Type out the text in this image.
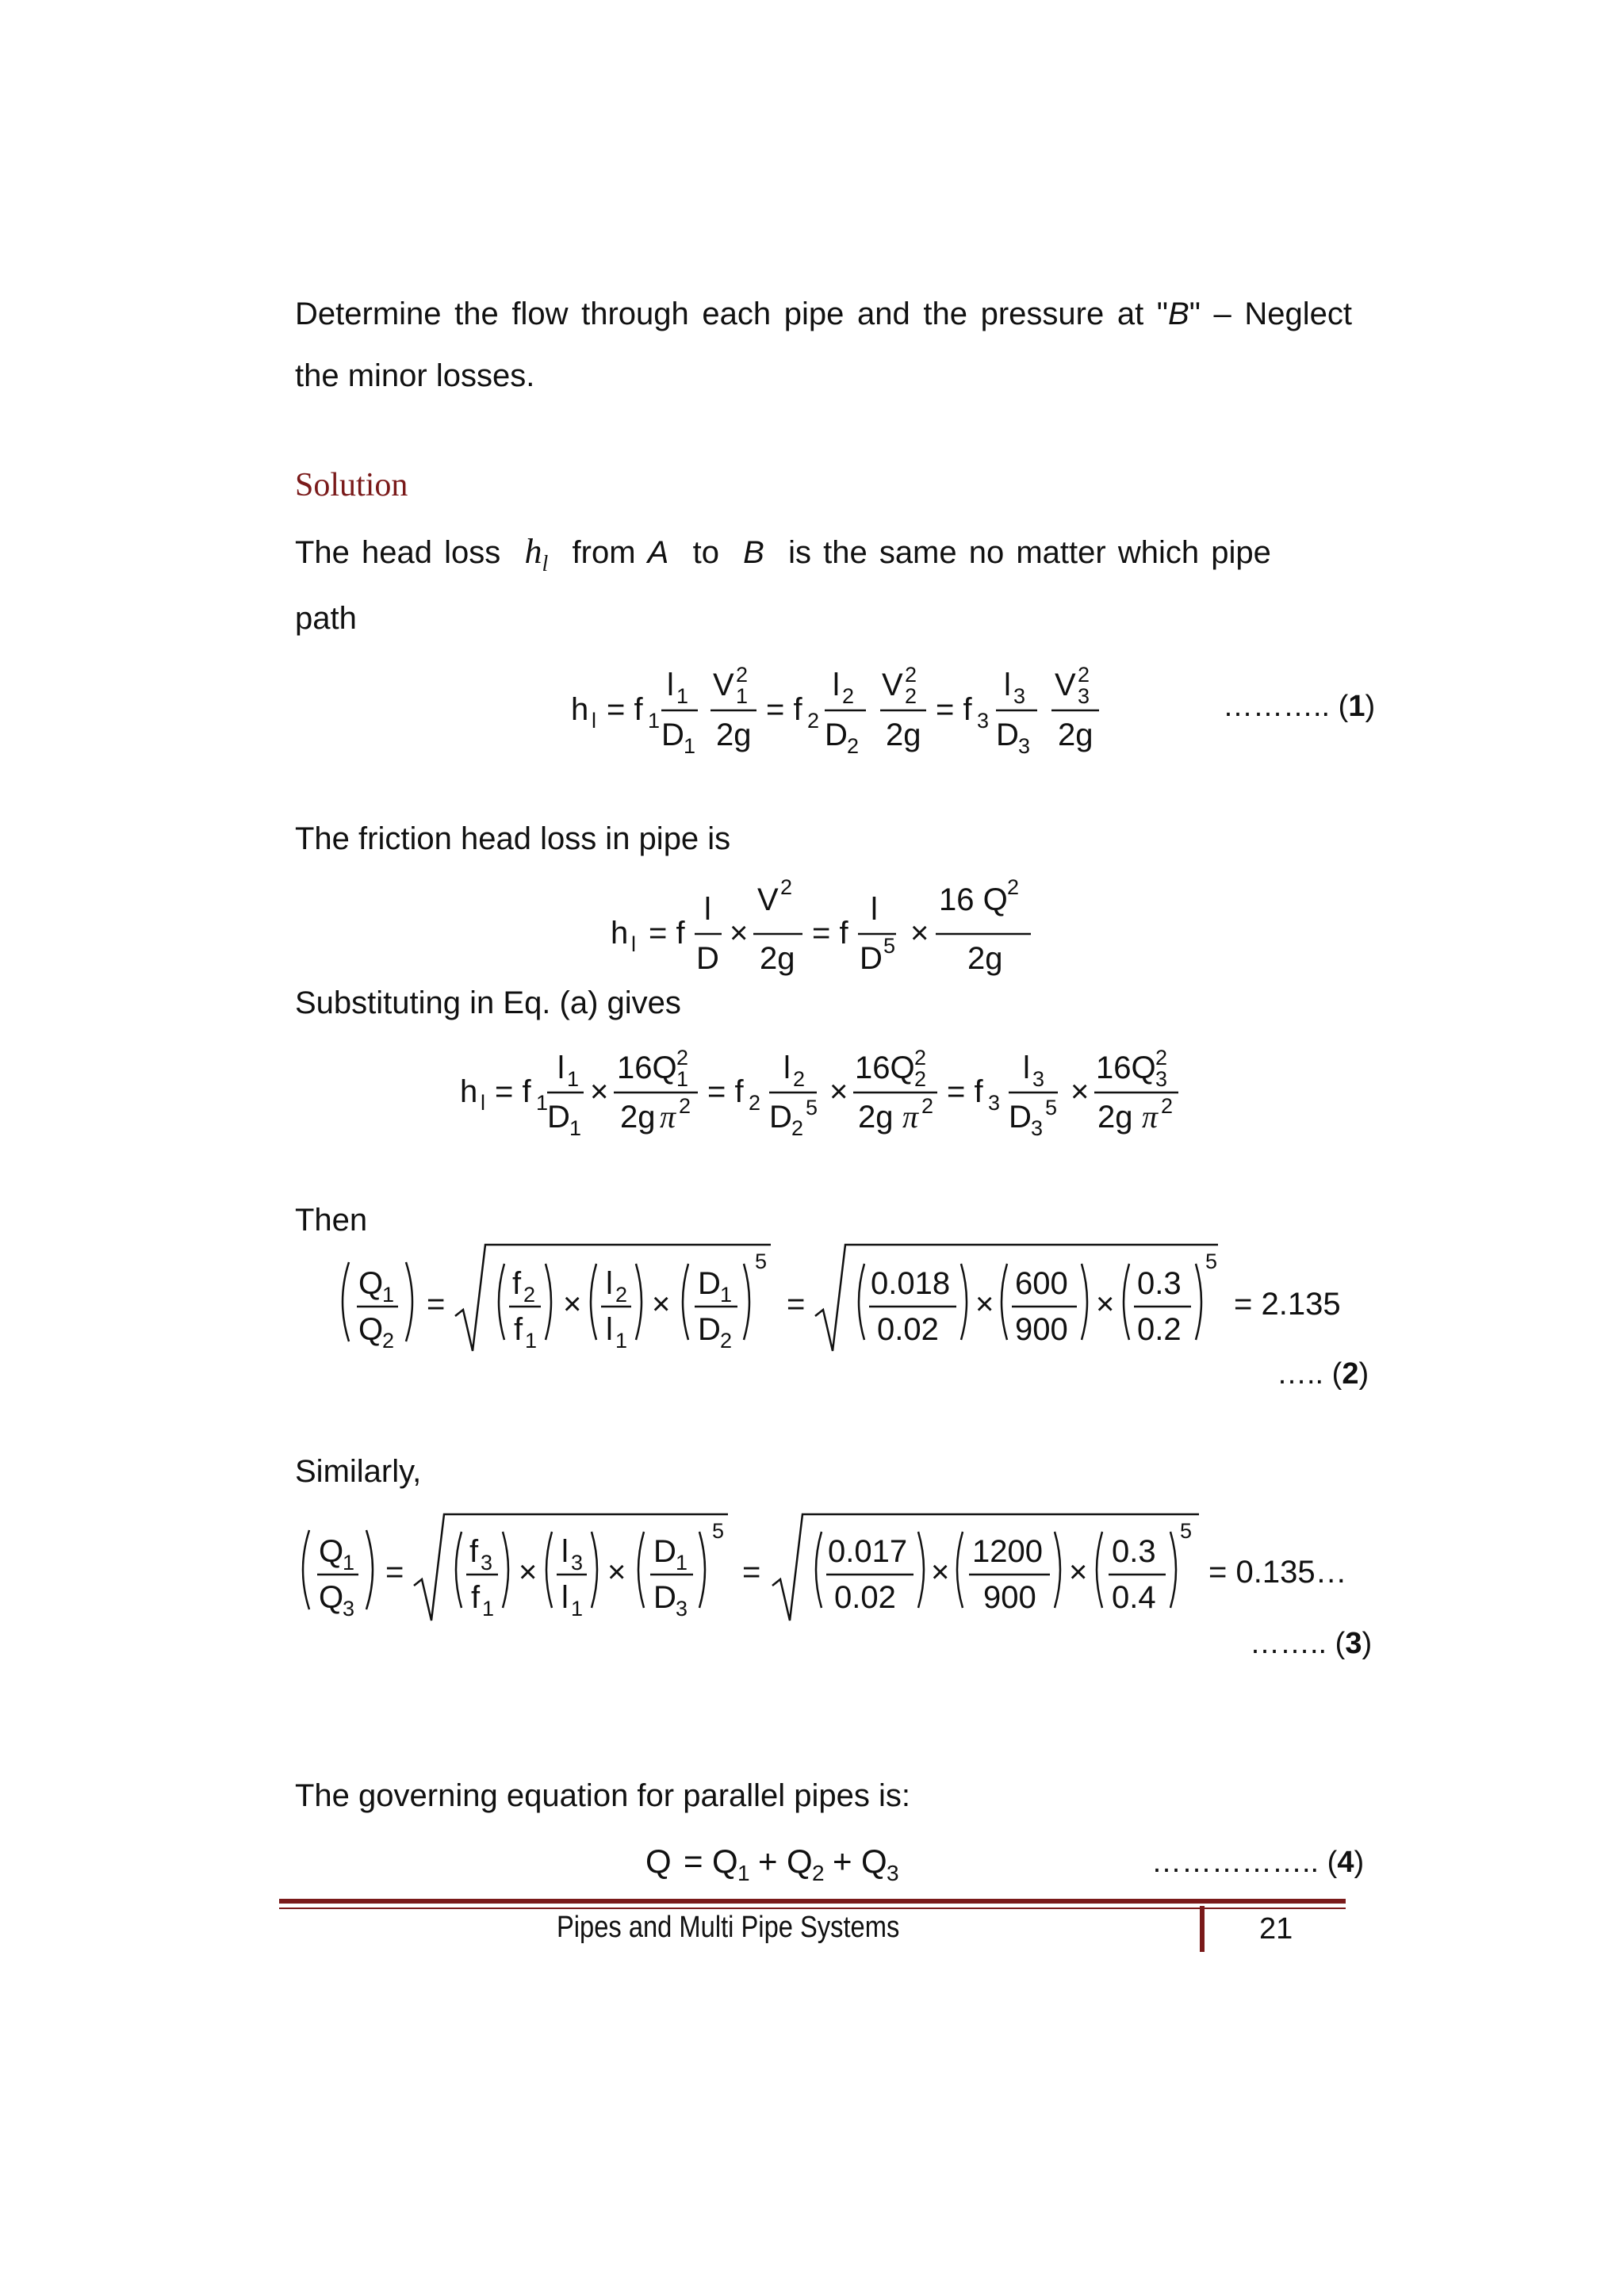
Determine the flow through each pipe and the pressure at "B" – Neglect
the minor losses.
Solution
The head loss $h_l$ from A to B is the same no matter which pipe
path
h l = f 1
l 1
D 1
V 1
2
2g
= f 2
l 2
D 2
V 2
2
2g
= f 3
l 3
D 3
V 3
2
2g
The friction head loss in pipe is
h l = f
l
D
×
V 2
2g
= f
l
D 5 ×
16 Q 2
2g
Substituting in Eq. (a) gives
h l = f 1
l 1
D 1
×
16Q 1
2
2g π 2 = f 2
l 2
D 2
5 ×
16Q 2
2
2g π 2 = f 3
l 3
D 3
5 ×
16Q 3
2
2g π 2
Then
Q
1
Q
2
=
f 2
f 1
×
l 2
l 1
×
D 1
D 2
5
=
0.018
0.02
×
600
900
×
0.3
0.2
5
= 2.135
Similarly,
Q
1
Q
3
=
f 3
f 1
×
l 3
l 1
×
D 1
D 3
5
=
0.017
0.02
×
1200
900
×
0.3
0.4
5
= 0.135…
The governing equation for parallel pipes is:
Q = Q 1 + Q 2 + Q 3
……….. (1)
….. (2)
…….. (3)
…………….. (4)
Pipes and Multi Pipe Systems	21
